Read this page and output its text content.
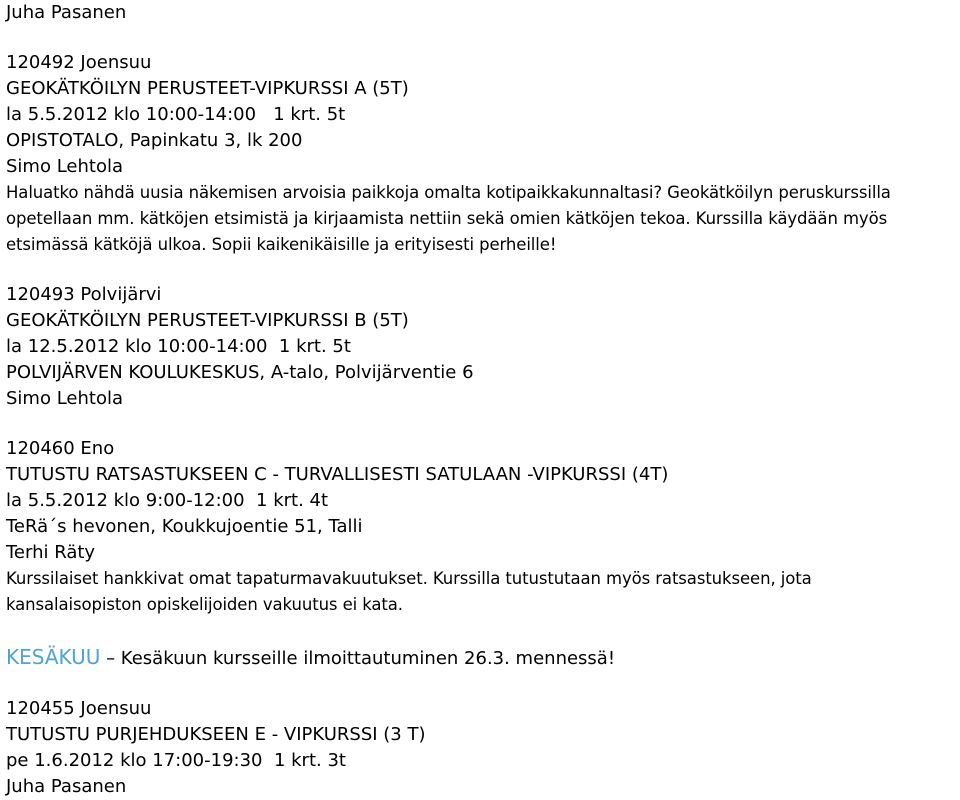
Juha Pasanen
120492 Joensuu
GEOKÄTKÖILYN PERUSTEET-VIPKURSSI A (5T)
la 5.5.2012 klo 10:00-14:00   1 krt. 5t
OPISTOTALO, Papinkatu 3, lk 200
Simo Lehtola
Haluatko nähdä uusia näkemisen arvoisia paikkoja omalta kotipaikkakunnaltasi? Geokätköilyn peruskurssilla
opetellaan mm. kätköjen etsimistä ja kirjaamista nettiin sekä omien kätköjen tekoa. Kurssilla käydään myös
etsimässä kätköjä ulkoa. Sopii kaikenikäisille ja erityisesti perheille!
120493 Polvijärvi
GEOKÄTKÖILYN PERUSTEET-VIPKURSSI B (5T)
la 12.5.2012 klo 10:00-14:00  1 krt. 5t
POLVIJÄRVEN KOULUKESKUS, A-talo, Polvijärventie 6
Simo Lehtola
120460 Eno
TUTUSTU RATSASTUKSEEN C - TURVALLISESTI SATULAAN -VIPKURSSI (4T)
la 5.5.2012 klo 9:00-12:00  1 krt. 4t
TeRä´s hevonen, Koukkujoentie 51, Talli
Terhi Räty
Kurssilaiset hankkivat omat tapaturmavakuutukset. Kurssilla tutustutaan myös ratsastukseen, jota
kansalaisopiston opiskelijoiden vakuutus ei kata.
KESÄKUU – Kesäkuun kursseille ilmoittautuminen 26.3. mennessä!
120455 Joensuu
TUTUSTU PURJEHDUKSEEN E - VIPKURSSI (3 T)
pe 1.6.2012 klo 17:00-19:30  1 krt. 3t
Juha Pasanen
